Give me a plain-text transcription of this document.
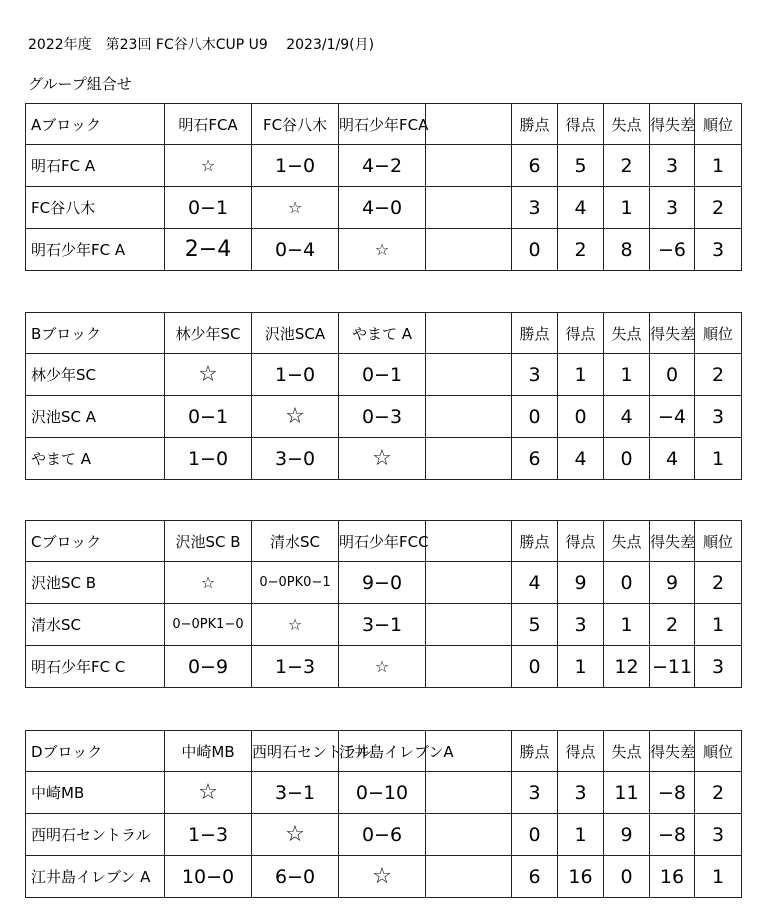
2022年度　第23回 FC谷八木CUP U9　 2023/1/9(月)
グループ組合せ
Aブロック	明石FCA	FC谷八木	明石少年FCA		勝点	得点	失点	得失差	順位
明石FC A	☆	1−0	4−2		6	5	2	3	1
FC谷八木	0−1	☆	4−0		3	4	1	3	2
明石少年FC A	2−4	0−4	☆		0	2	8	−6	3
Bブロック	林少年SC	沢池SCA	やまて A		勝点	得点	失点	得失差	順位
林少年SC	☆	1−0	0−1		3	1	1	0	2
沢池SC A	0−1	☆	0−3		0	0	4	−4	3
やまて A	1−0	3−0	☆		6	4	0	4	1
Cブロック	沢池SC B	清水SC	明石少年FCC		勝点	得点	失点	得失差	順位
沢池SC B	☆	0−0PK0−1	9−0		4	9	0	9	2
清水SC	0−0PK1−0	☆	3−1		5	3	1	2	1
明石少年FC C	0−9	1−3	☆		0	1	12	−11	3
Dブロック	中崎MB	西明石セントラル	江井島イレブンA		勝点	得点	失点	得失差	順位
中崎MB	☆	3−1	0−10		3	3	11	−8	2
西明石セントラル	1−3	☆	0−6		0	1	9	−8	3
江井島イレブン A	10−0	6−0	☆		6	16	0	16	1
